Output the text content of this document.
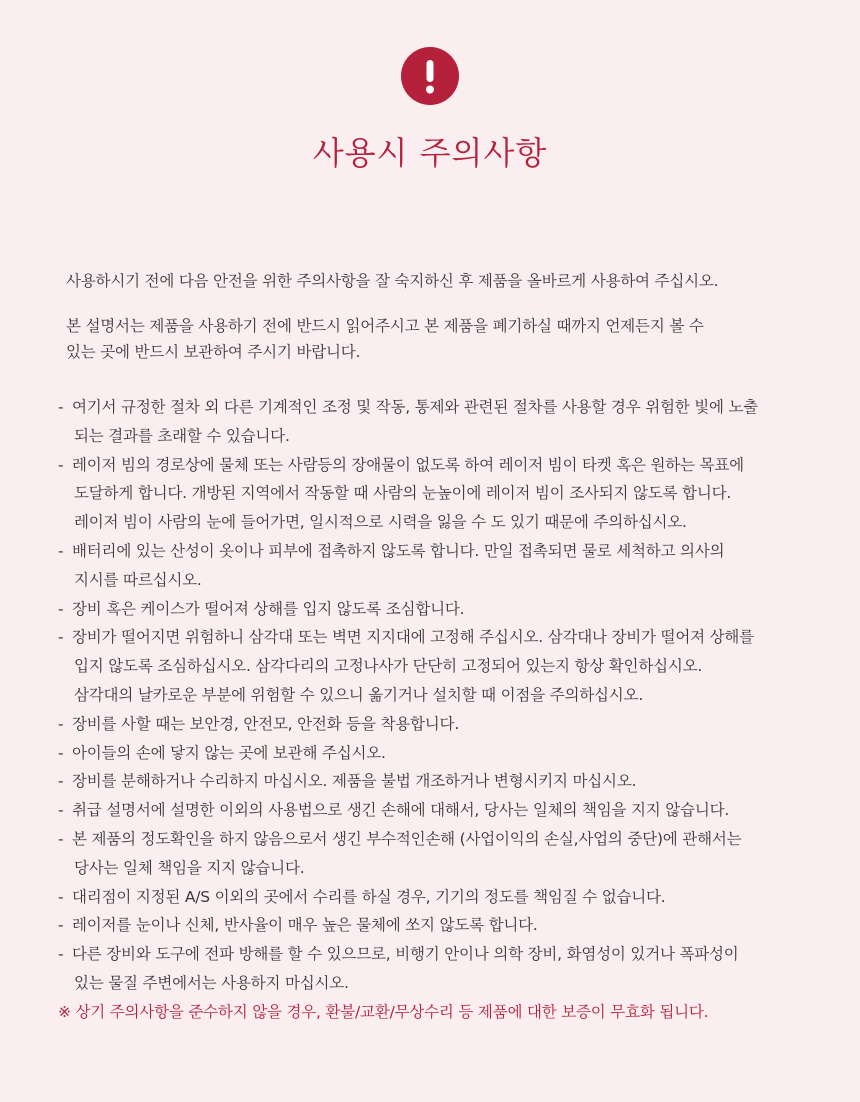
사용시 주의사항
사용하시기 전에 다음 안전을 위한 주의사항을 잘 숙지하신 후 제품을 올바르게 사용하여 주십시오.
본 설명서는 제품을 사용하기 전에 반드시 읽어주시고 본 제품을 폐기하실 때까지 언제든지 볼 수
있는 곳에 반드시 보관하여 주시기 바랍니다.
- 여기서 규정한 절차 외 다른 기계적인 조정 및 작동, 통제와 관련된 절차를 사용할 경우 위험한 빛에 노출
되는 결과를 초래할 수 있습니다.
- 레이저 빔의 경로상에 물체 또는 사람등의 장애물이 없도록 하여 레이저 빔이 타켓 혹은 원하는 목표에
도달하게 합니다. 개방된 지역에서 작동할 때 사람의 눈높이에 레이저 빔이 조사되지 않도록 합니다.
레이저 빔이 사람의 눈에 들어가면, 일시적으로 시력을 잃을 수 도 있기 때문에 주의하십시오.
- 배터리에 있는 산성이 옷이나 피부에 접촉하지 않도록 합니다. 만일 접촉되면 물로 세척하고 의사의
지시를 따르십시오.
- 장비 혹은 케이스가 떨어져 상해를 입지 않도록 조심합니다.
- 장비가 떨어지면 위험하니 삼각대 또는 벽면 지지대에 고정해 주십시오. 삼각대나 장비가 떨어져 상해를
입지 않도록 조심하십시오. 삼각다리의 고정나사가 단단히 고정되어 있는지 항상 확인하십시오.
삼각대의 날카로운 부분에 위험할 수 있으니 옮기거나 설치할 때 이점을 주의하십시오.
- 장비를 사할 때는 보안경, 안전모, 안전화 등을 착용합니다.
- 아이들의 손에 닿지 않는 곳에 보관해 주십시오.
- 장비를 분해하거나 수리하지 마십시오. 제품을 불법 개조하거나 변형시키지 마십시오.
- 취급 설명서에 설명한 이외의 사용법으로 생긴 손해에 대해서, 당사는 일체의 책임을 지지 않습니다.
- 본 제품의 정도확인을 하지 않음으로서 생긴 부수적인손해 (사업이익의 손실,사업의 중단)에 관해서는
당사는 일체 책임을 지지 않습니다.
- 대리점이 지정된 A/S 이외의 곳에서 수리를 하실 경우, 기기의 정도를 책임질 수 없습니다.
- 레이저를 눈이나 신체, 반사율이 매우 높은 물체에 쏘지 않도록 합니다.
- 다른 장비와 도구에 전파 방해를 할 수 있으므로, 비행기 안이나 의학 장비, 화염성이 있거나 폭파성이
있는 물질 주변에서는 사용하지 마십시오.
※ 상기 주의사항을 준수하지 않을 경우, 환불/교환/무상수리 등 제품에 대한 보증이 무효화 됩니다.
